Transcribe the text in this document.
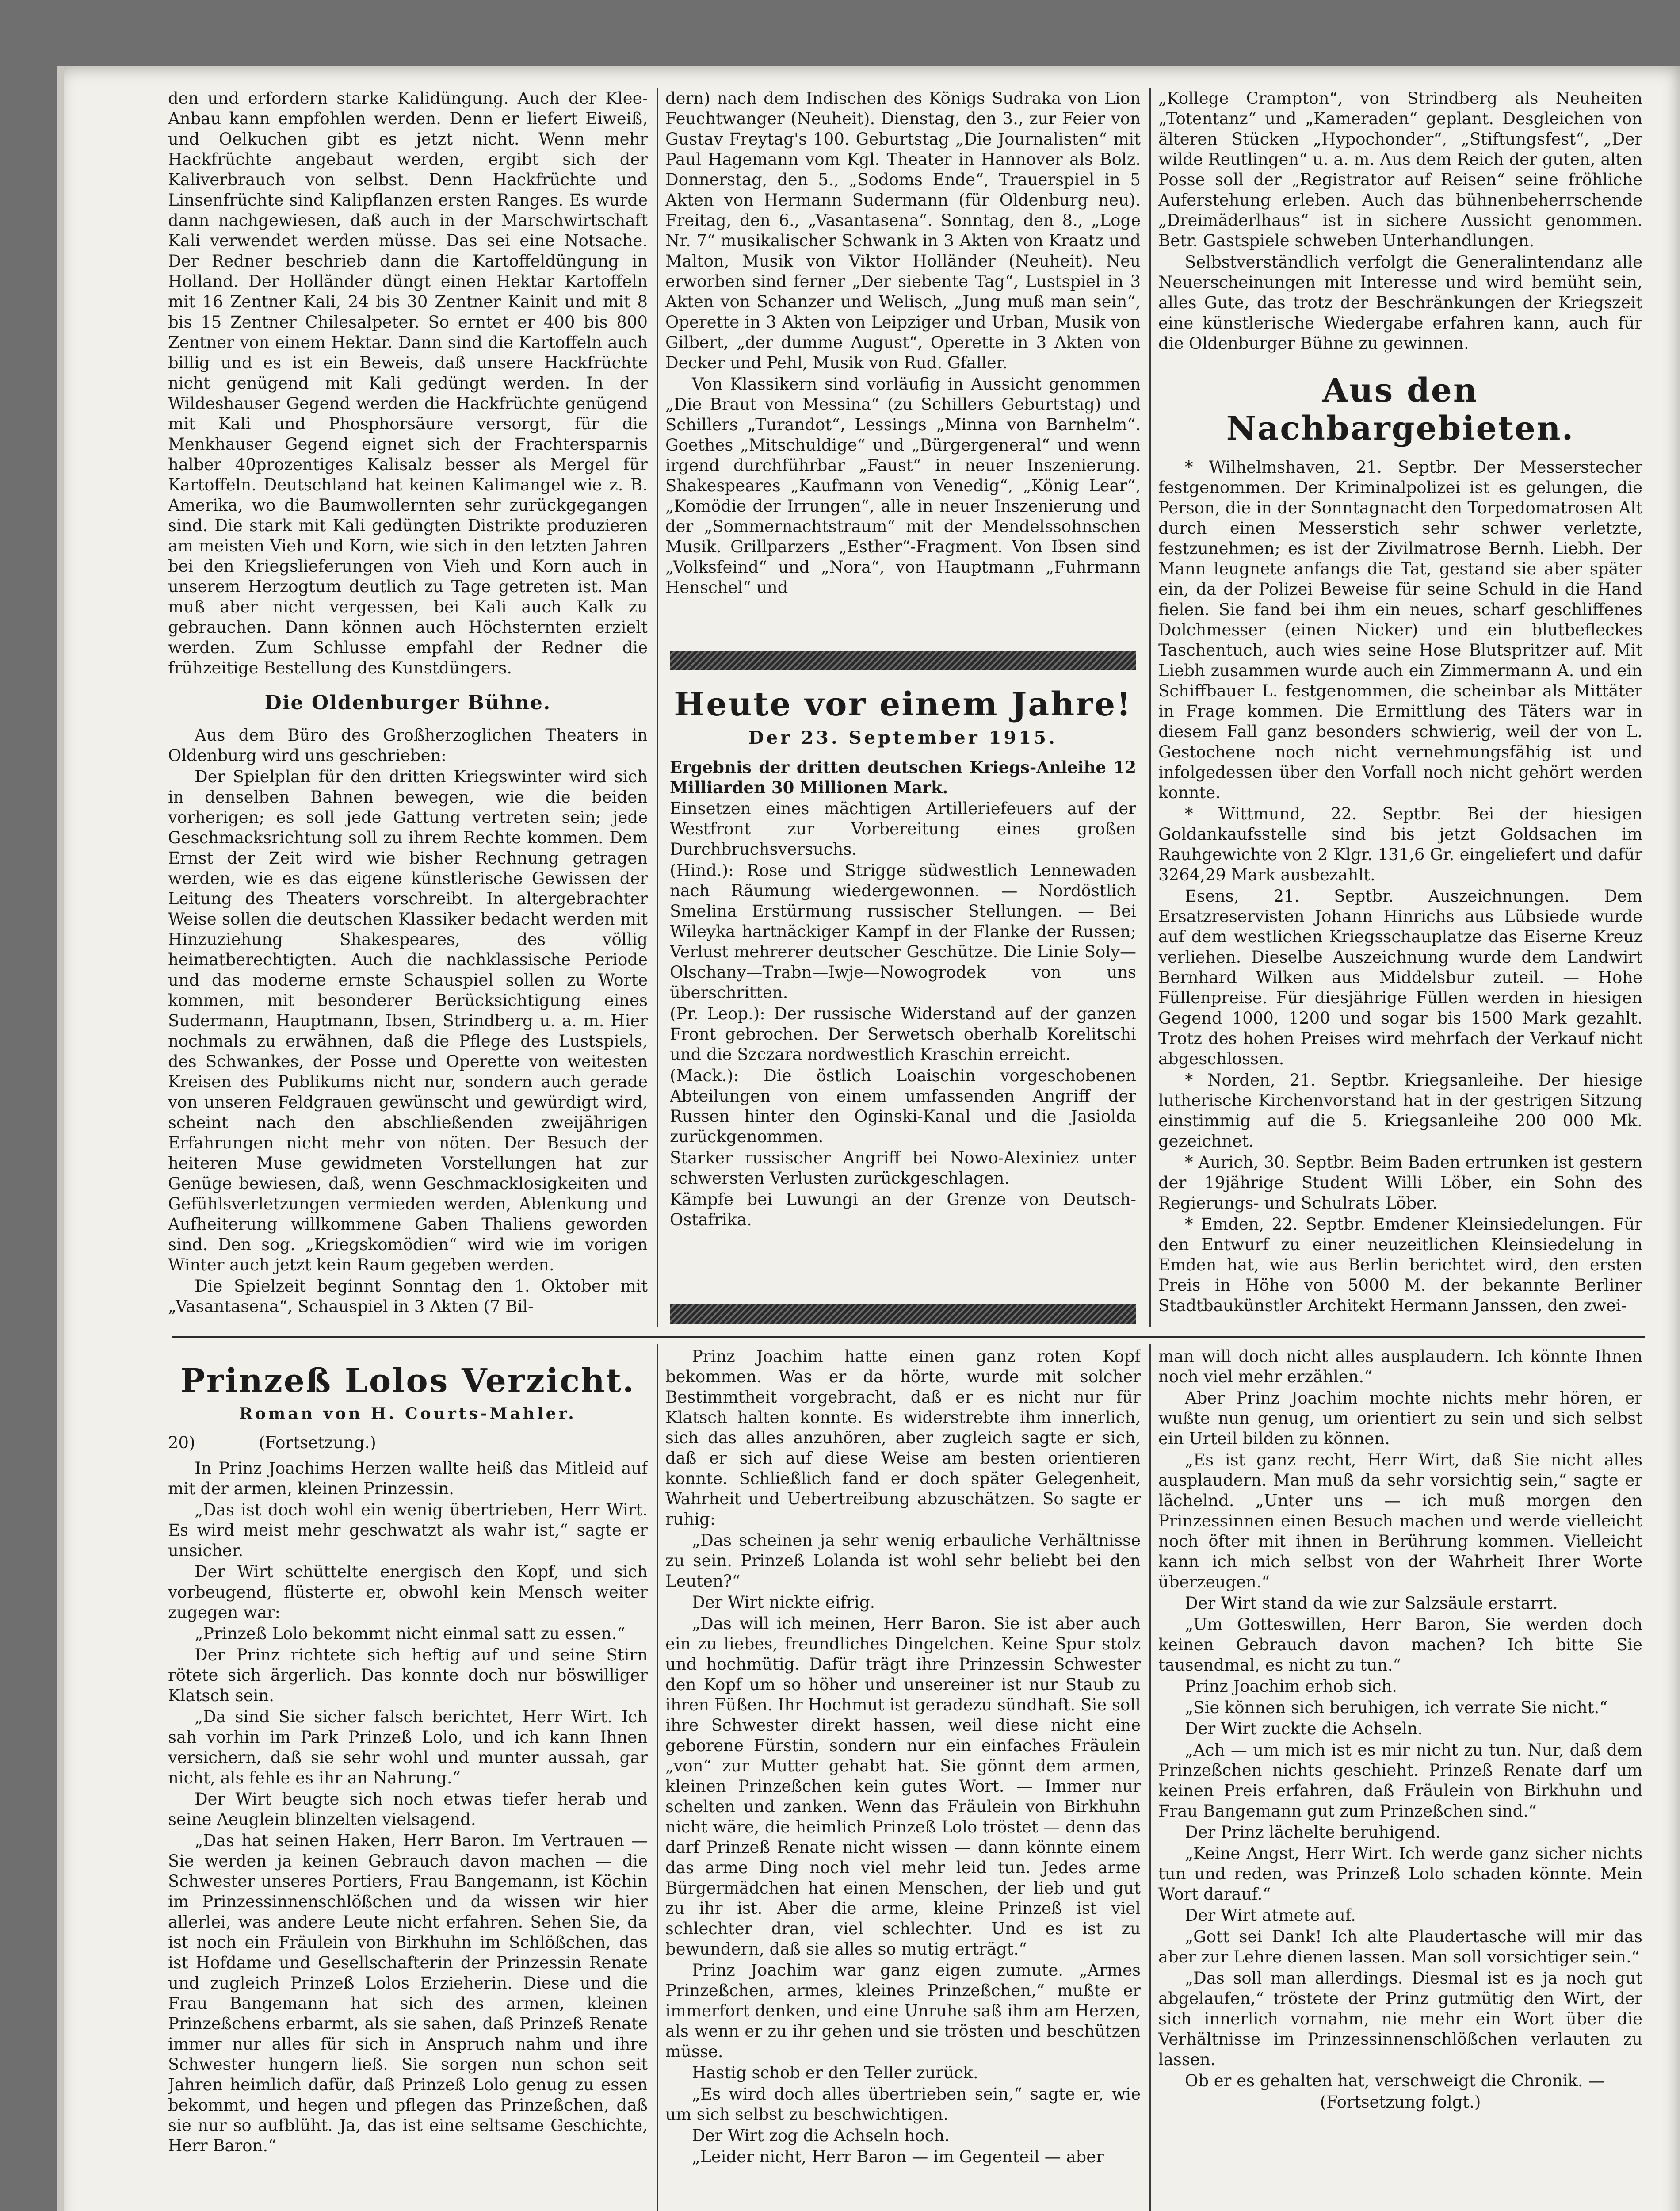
den und erfordern starke Kalidüngung. Auch der Klee-Anbau kann empfohlen werden. Denn er liefert Eiweiß, und Oelkuchen gibt es jetzt nicht. Wenn mehr Hackfrüchte angebaut werden, ergibt sich der Kaliverbrauch von selbst. Denn Hackfrüchte und Linsenfrüchte sind Kalipflanzen ersten Ranges. Es wurde dann nachgewiesen, daß auch in der Marschwirtschaft Kali verwendet werden müsse. Das sei eine Notsache. Der Redner beschrieb dann die Kartoffeldüngung in Holland. Der Holländer düngt einen Hektar Kartoffeln mit 16 Zentner Kali, 24 bis 30 Zentner Kainit und mit 8 bis 15 Zentner Chilesalpeter. So erntet er 400 bis 800 Zentner von einem Hektar. Dann sind die Kartoffeln auch billig und es ist ein Beweis, daß unsere Hackfrüchte nicht genügend mit Kali gedüngt werden. In der Wildeshauser Gegend werden die Hackfrüchte genügend mit Kali und Phosphorsäure versorgt, für die Menkhauser Gegend eignet sich der Frachtersparnis halber 40prozentiges Kalisalz besser als Mergel für Kartoffeln. Deutschland hat keinen Kalimangel wie z. B. Amerika, wo die Baumwollernten sehr zurückgegangen sind. Die stark mit Kali gedüngten Distrikte produzieren am meisten Vieh und Korn, wie sich in den letzten Jahren bei den Kriegslieferungen von Vieh und Korn auch in unserem Herzogtum deutlich zu Tage getreten ist. Man muß aber nicht vergessen, bei Kali auch Kalk zu gebrauchen. Dann können auch Höchsternten erzielt werden. Zum Schlusse empfahl der Redner die frühzeitige Bestellung des Kunstdüngers.

Die Oldenburger Bühne.

Aus dem Büro des Großherzoglichen Theaters in Oldenburg wird uns geschrieben:

Der Spielplan für den dritten Kriegswinter wird sich in denselben Bahnen bewegen, wie die beiden vorherigen; es soll jede Gattung vertreten sein; jede Geschmacksrichtung soll zu ihrem Rechte kommen. Dem Ernst der Zeit wird wie bisher Rechnung getragen werden, wie es das eigene künstlerische Gewissen der Leitung des Theaters vorschreibt. In altergebrachter Weise sollen die deutschen Klassiker bedacht werden mit Hinzuziehung Shakespeares, des völlig heimatberechtigten. Auch die nachklassische Periode und das moderne ernste Schauspiel sollen zu Worte kommen, mit besonderer Berücksichtigung eines Sudermann, Hauptmann, Ibsen, Strindberg u. a. m. Hier nochmals zu erwähnen, daß die Pflege des Lustspiels, des Schwankes, der Posse und Operette von weitesten Kreisen des Publikums nicht nur, sondern auch gerade von unseren Feldgrauen gewünscht und gewürdigt wird, scheint nach den abschließenden zweijährigen Erfahrungen nicht mehr von nöten. Der Besuch der heiteren Muse gewidmeten Vorstellungen hat zur Genüge bewiesen, daß, wenn Geschmacklosigkeiten und Gefühlsverletzungen vermieden werden, Ablenkung und Aufheiterung willkommene Gaben Thaliens geworden sind. Den sog. „Kriegskomödien“ wird wie im vorigen Winter auch jetzt kein Raum gegeben werden.

Die Spielzeit beginnt Sonntag den 1. Oktober mit „Vasantasena“, Schauspiel in 3 Akten (7 Bil-

dern) nach dem Indischen des Königs Sudraka von Lion Feuchtwanger (Neuheit). Dienstag, den 3., zur Feier von Gustav Freytag's 100. Geburtstag „Die Journalisten“ mit Paul Hagemann vom Kgl. Theater in Hannover als Bolz. Donnerstag, den 5., „Sodoms Ende“, Trauerspiel in 5 Akten von Hermann Sudermann (für Oldenburg neu). Freitag, den 6., „Vasantasena“. Sonntag, den 8., „Loge Nr. 7“ musikalischer Schwank in 3 Akten von Kraatz und Malton, Musik von Viktor Holländer (Neuheit). Neu erworben sind ferner „Der siebente Tag“, Lustspiel in 3 Akten von Schanzer und Welisch, „Jung muß man sein“, Operette in 3 Akten von Leipziger und Urban, Musik von Gilbert, „der dumme August“, Operette in 3 Akten von Decker und Pehl, Musik von Rud. Gfaller.

Von Klassikern sind vorläufig in Aussicht genommen „Die Braut von Messina“ (zu Schillers Geburtstag) und Schillers „Turandot“, Lessings „Minna von Barnhelm“. Goethes „Mitschuldige“ und „Bürgergeneral“ und wenn irgend durchführbar „Faust“ in neuer Inszenierung. Shakespeares „Kaufmann von Venedig“, „König Lear“, „Komödie der Irrungen“, alle in neuer Inszenierung und der „Sommernachtstraum“ mit der Mendelssohnschen Musik. Grillparzers „Esther“-Fragment. Von Ibsen sind „Volksfeind“ und „Nora“, von Hauptmann „Fuhrmann Henschel“ und

Heute vor einem Jahre!
Der 23. September 1915.

Ergebnis der dritten deutschen Kriegs-Anleihe 12 Milliarden 30 Millionen Mark.

Einsetzen eines mächtigen Artilleriefeuers auf der Westfront zur Vorbereitung eines großen Durchbruchsversuchs.

(Hind.): Rose und Strigge südwestlich Lennewaden nach Räumung wiedergewonnen. — Nordöstlich Smelina Erstürmung russischer Stellungen. — Bei Wileyka hartnäckiger Kampf in der Flanke der Russen; Verlust mehrerer deutscher Geschütze. Die Linie Soly—Olschany—Trabn—Iwje—Nowogrodek von uns überschritten.

(Pr. Leop.): Der russische Widerstand auf der ganzen Front gebrochen. Der Serwetsch oberhalb Korelitschi und die Szczara nordwestlich Kraschin erreicht.

(Mack.): Die östlich Loaischin vorgeschobenen Abteilungen von einem umfassenden Angriff der Russen hinter den Oginski-Kanal und die Jasiolda zurückgenommen.

Starker russischer Angriff bei Nowo-Alexiniez unter schwersten Verlusten zurückgeschlagen.

Kämpfe bei Luwungi an der Grenze von Deutsch-Ostafrika.

„Kollege Crampton“, von Strindberg als Neuheiten „Totentanz“ und „Kameraden“ geplant. Desgleichen von älteren Stücken „Hypochonder“, „Stiftungsfest“, „Der wilde Reutlingen“ u. a. m. Aus dem Reich der guten, alten Posse soll der „Registrator auf Reisen“ seine fröhliche Auferstehung erleben. Auch das bühnenbeherrschende „Dreimäderlhaus“ ist in sichere Aussicht genommen. Betr. Gastspiele schweben Unterhandlungen.

Selbstverständlich verfolgt die Generalintendanz alle Neuerscheinungen mit Interesse und wird bemüht sein, alles Gute, das trotz der Beschränkungen der Kriegszeit eine künstlerische Wiedergabe erfahren kann, auch für die Oldenburger Bühne zu gewinnen.

Aus den Nachbargebieten.

* Wilhelmshaven, 21. Septbr. Der Messerstecher festgenommen. Der Kriminalpolizei ist es gelungen, die Person, die in der Sonntagnacht den Torpedomatrosen Alt durch einen Messerstich sehr schwer verletzte, festzunehmen; es ist der Zivilmatrose Bernh. Liebh. Der Mann leugnete anfangs die Tat, gestand sie aber später ein, da der Polizei Beweise für seine Schuld in die Hand fielen. Sie fand bei ihm ein neues, scharf geschliffenes Dolchmesser (einen Nicker) und ein blutbefleckes Taschentuch, auch wies seine Hose Blutspritzer auf. Mit Liebh zusammen wurde auch ein Zimmermann A. und ein Schiffbauer L. festgenommen, die scheinbar als Mittäter in Frage kommen. Die Ermittlung des Täters war in diesem Fall ganz besonders schwierig, weil der von L. Gestochene noch nicht vernehmungsfähig ist und infolgedessen über den Vorfall noch nicht gehört werden konnte.

* Wittmund, 22. Septbr. Bei der hiesigen Goldankaufsstelle sind bis jetzt Goldsachen im Rauhgewichte von 2 Klgr. 131,6 Gr. eingeliefert und dafür 3264,29 Mark ausbezahlt.

Esens, 21. Septbr. Auszeichnungen. Dem Ersatzreservisten Johann Hinrichs aus Lübsiede wurde auf dem westlichen Kriegsschauplatze das Eiserne Kreuz verliehen. Dieselbe Auszeichnung wurde dem Landwirt Bernhard Wilken aus Middelsbur zuteil. — Hohe Füllenpreise. Für diesjährige Füllen werden in hiesigen Gegend 1000, 1200 und sogar bis 1500 Mark gezahlt. Trotz des hohen Preises wird mehrfach der Verkauf nicht abgeschlossen.

* Norden, 21. Septbr. Kriegsanleihe. Der hiesige lutherische Kirchenvorstand hat in der gestrigen Sitzung einstimmig auf die 5. Kriegsanleihe 200 000 Mk. gezeichnet.

* Aurich, 30. Septbr. Beim Baden ertrunken ist gestern der 19jährige Student Willi Löber, ein Sohn des Regierungs- und Schulrats Löber.

* Emden, 22. Septbr. Emdener Kleinsiedelungen. Für den Entwurf zu einer neuzeitlichen Kleinsiedelung in Emden hat, wie aus Berlin berichtet wird, den ersten Preis in Höhe von 5000 M. der bekannte Berliner Stadtbaukünstler Architekt Hermann Janssen, den zwei-

Prinzeß Lolos Verzicht.
Roman von H. Courts-Mahler.

20)	(Fortsetzung.)

In Prinz Joachims Herzen wallte heiß das Mitleid auf mit der armen, kleinen Prinzessin.

„Das ist doch wohl ein wenig übertrieben, Herr Wirt. Es wird meist mehr geschwatzt als wahr ist,“ sagte er unsicher.

Der Wirt schüttelte energisch den Kopf, und sich vorbeugend, flüsterte er, obwohl kein Mensch weiter zugegen war:

„Prinzeß Lolo bekommt nicht einmal satt zu essen.“

Der Prinz richtete sich heftig auf und seine Stirn rötete sich ärgerlich. Das konnte doch nur böswilliger Klatsch sein.

„Da sind Sie sicher falsch berichtet, Herr Wirt. Ich sah vorhin im Park Prinzeß Lolo, und ich kann Ihnen versichern, daß sie sehr wohl und munter aussah, gar nicht, als fehle es ihr an Nahrung.“

Der Wirt beugte sich noch etwas tiefer herab und seine Aeuglein blinzelten vielsagend.

„Das hat seinen Haken, Herr Baron. Im Vertrauen — Sie werden ja keinen Gebrauch davon machen — die Schwester unseres Portiers, Frau Bangemann, ist Köchin im Prinzessinnenschlößchen und da wissen wir hier allerlei, was andere Leute nicht erfahren. Sehen Sie, da ist noch ein Fräulein von Birkhuhn im Schlößchen, das ist Hofdame und Gesellschafterin der Prinzessin Renate und zugleich Prinzeß Lolos Erzieherin. Diese und die Frau Bangemann hat sich des armen, kleinen Prinzeßchens erbarmt, als sie sahen, daß Prinzeß Renate immer nur alles für sich in Anspruch nahm und ihre Schwester hungern ließ. Sie sorgen nun schon seit Jahren heimlich dafür, daß Prinzeß Lolo genug zu essen bekommt, und hegen und pflegen das Prinzeßchen, daß sie nur so aufblüht. Ja, das ist eine seltsame Geschichte, Herr Baron.“

Prinz Joachim hatte einen ganz roten Kopf bekommen. Was er da hörte, wurde mit solcher Bestimmtheit vorgebracht, daß er es nicht nur für Klatsch halten konnte. Es widerstrebte ihm innerlich, sich das alles anzuhören, aber zugleich sagte er sich, daß er sich auf diese Weise am besten orientieren konnte. Schließlich fand er doch später Gelegenheit, Wahrheit und Uebertreibung abzuschätzen. So sagte er ruhig:

„Das scheinen ja sehr wenig erbauliche Verhältnisse zu sein. Prinzeß Lolanda ist wohl sehr beliebt bei den Leuten?“

Der Wirt nickte eifrig.

„Das will ich meinen, Herr Baron. Sie ist aber auch ein zu liebes, freundliches Dingelchen. Keine Spur stolz und hochmütig. Dafür trägt ihre Prinzessin Schwester den Kopf um so höher und unsereiner ist nur Staub zu ihren Füßen. Ihr Hochmut ist geradezu sündhaft. Sie soll ihre Schwester direkt hassen, weil diese nicht eine geborene Fürstin, sondern nur ein einfaches Fräulein „von“ zur Mutter gehabt hat. Sie gönnt dem armen, kleinen Prinzeßchen kein gutes Wort. — Immer nur schelten und zanken. Wenn das Fräulein von Birkhuhn nicht wäre, die heimlich Prinzeß Lolo tröstet — denn das darf Prinzeß Renate nicht wissen — dann könnte einem das arme Ding noch viel mehr leid tun. Jedes arme Bürgermädchen hat einen Menschen, der lieb und gut zu ihr ist. Aber die arme, kleine Prinzeß ist viel schlechter dran, viel schlechter. Und es ist zu bewundern, daß sie alles so mutig erträgt.“

Prinz Joachim war ganz eigen zumute. „Armes Prinzeßchen, armes, kleines Prinzeßchen,“ mußte er immerfort denken, und eine Unruhe saß ihm am Herzen, als wenn er zu ihr gehen und sie trösten und beschützen müsse.

Hastig schob er den Teller zurück.

„Es wird doch alles übertrieben sein,“ sagte er, wie um sich selbst zu beschwichtigen.

Der Wirt zog die Achseln hoch.

„Leider nicht, Herr Baron — im Gegenteil — aber

man will doch nicht alles ausplaudern. Ich könnte Ihnen noch viel mehr erzählen.“

Aber Prinz Joachim mochte nichts mehr hören, er wußte nun genug, um orientiert zu sein und sich selbst ein Urteil bilden zu können.

„Es ist ganz recht, Herr Wirt, daß Sie nicht alles ausplaudern. Man muß da sehr vorsichtig sein,“ sagte er lächelnd. „Unter uns — ich muß morgen den Prinzessinnen einen Besuch machen und werde vielleicht noch öfter mit ihnen in Berührung kommen. Vielleicht kann ich mich selbst von der Wahrheit Ihrer Worte überzeugen.“

Der Wirt stand da wie zur Salzsäule erstarrt.

„Um Gotteswillen, Herr Baron, Sie werden doch keinen Gebrauch davon machen? Ich bitte Sie tausendmal, es nicht zu tun.“

Prinz Joachim erhob sich.

„Sie können sich beruhigen, ich verrate Sie nicht.“

Der Wirt zuckte die Achseln.

„Ach — um mich ist es mir nicht zu tun. Nur, daß dem Prinzeßchen nichts geschieht. Prinzeß Renate darf um keinen Preis erfahren, daß Fräulein von Birkhuhn und Frau Bangemann gut zum Prinzeßchen sind.“

Der Prinz lächelte beruhigend.

„Keine Angst, Herr Wirt. Ich werde ganz sicher nichts tun und reden, was Prinzeß Lolo schaden könnte. Mein Wort darauf.“

Der Wirt atmete auf.

„Gott sei Dank! Ich alte Plaudertasche will mir das aber zur Lehre dienen lassen. Man soll vorsichtiger sein.“

„Das soll man allerdings. Diesmal ist es ja noch gut abgelaufen,“ tröstete der Prinz gutmütig den Wirt, der sich innerlich vornahm, nie mehr ein Wort über die Verhältnisse im Prinzessinnenschlößchen verlauten zu lassen.

Ob er es gehalten hat, verschweigt die Chronik. —

(Fortsetzung folgt.)
